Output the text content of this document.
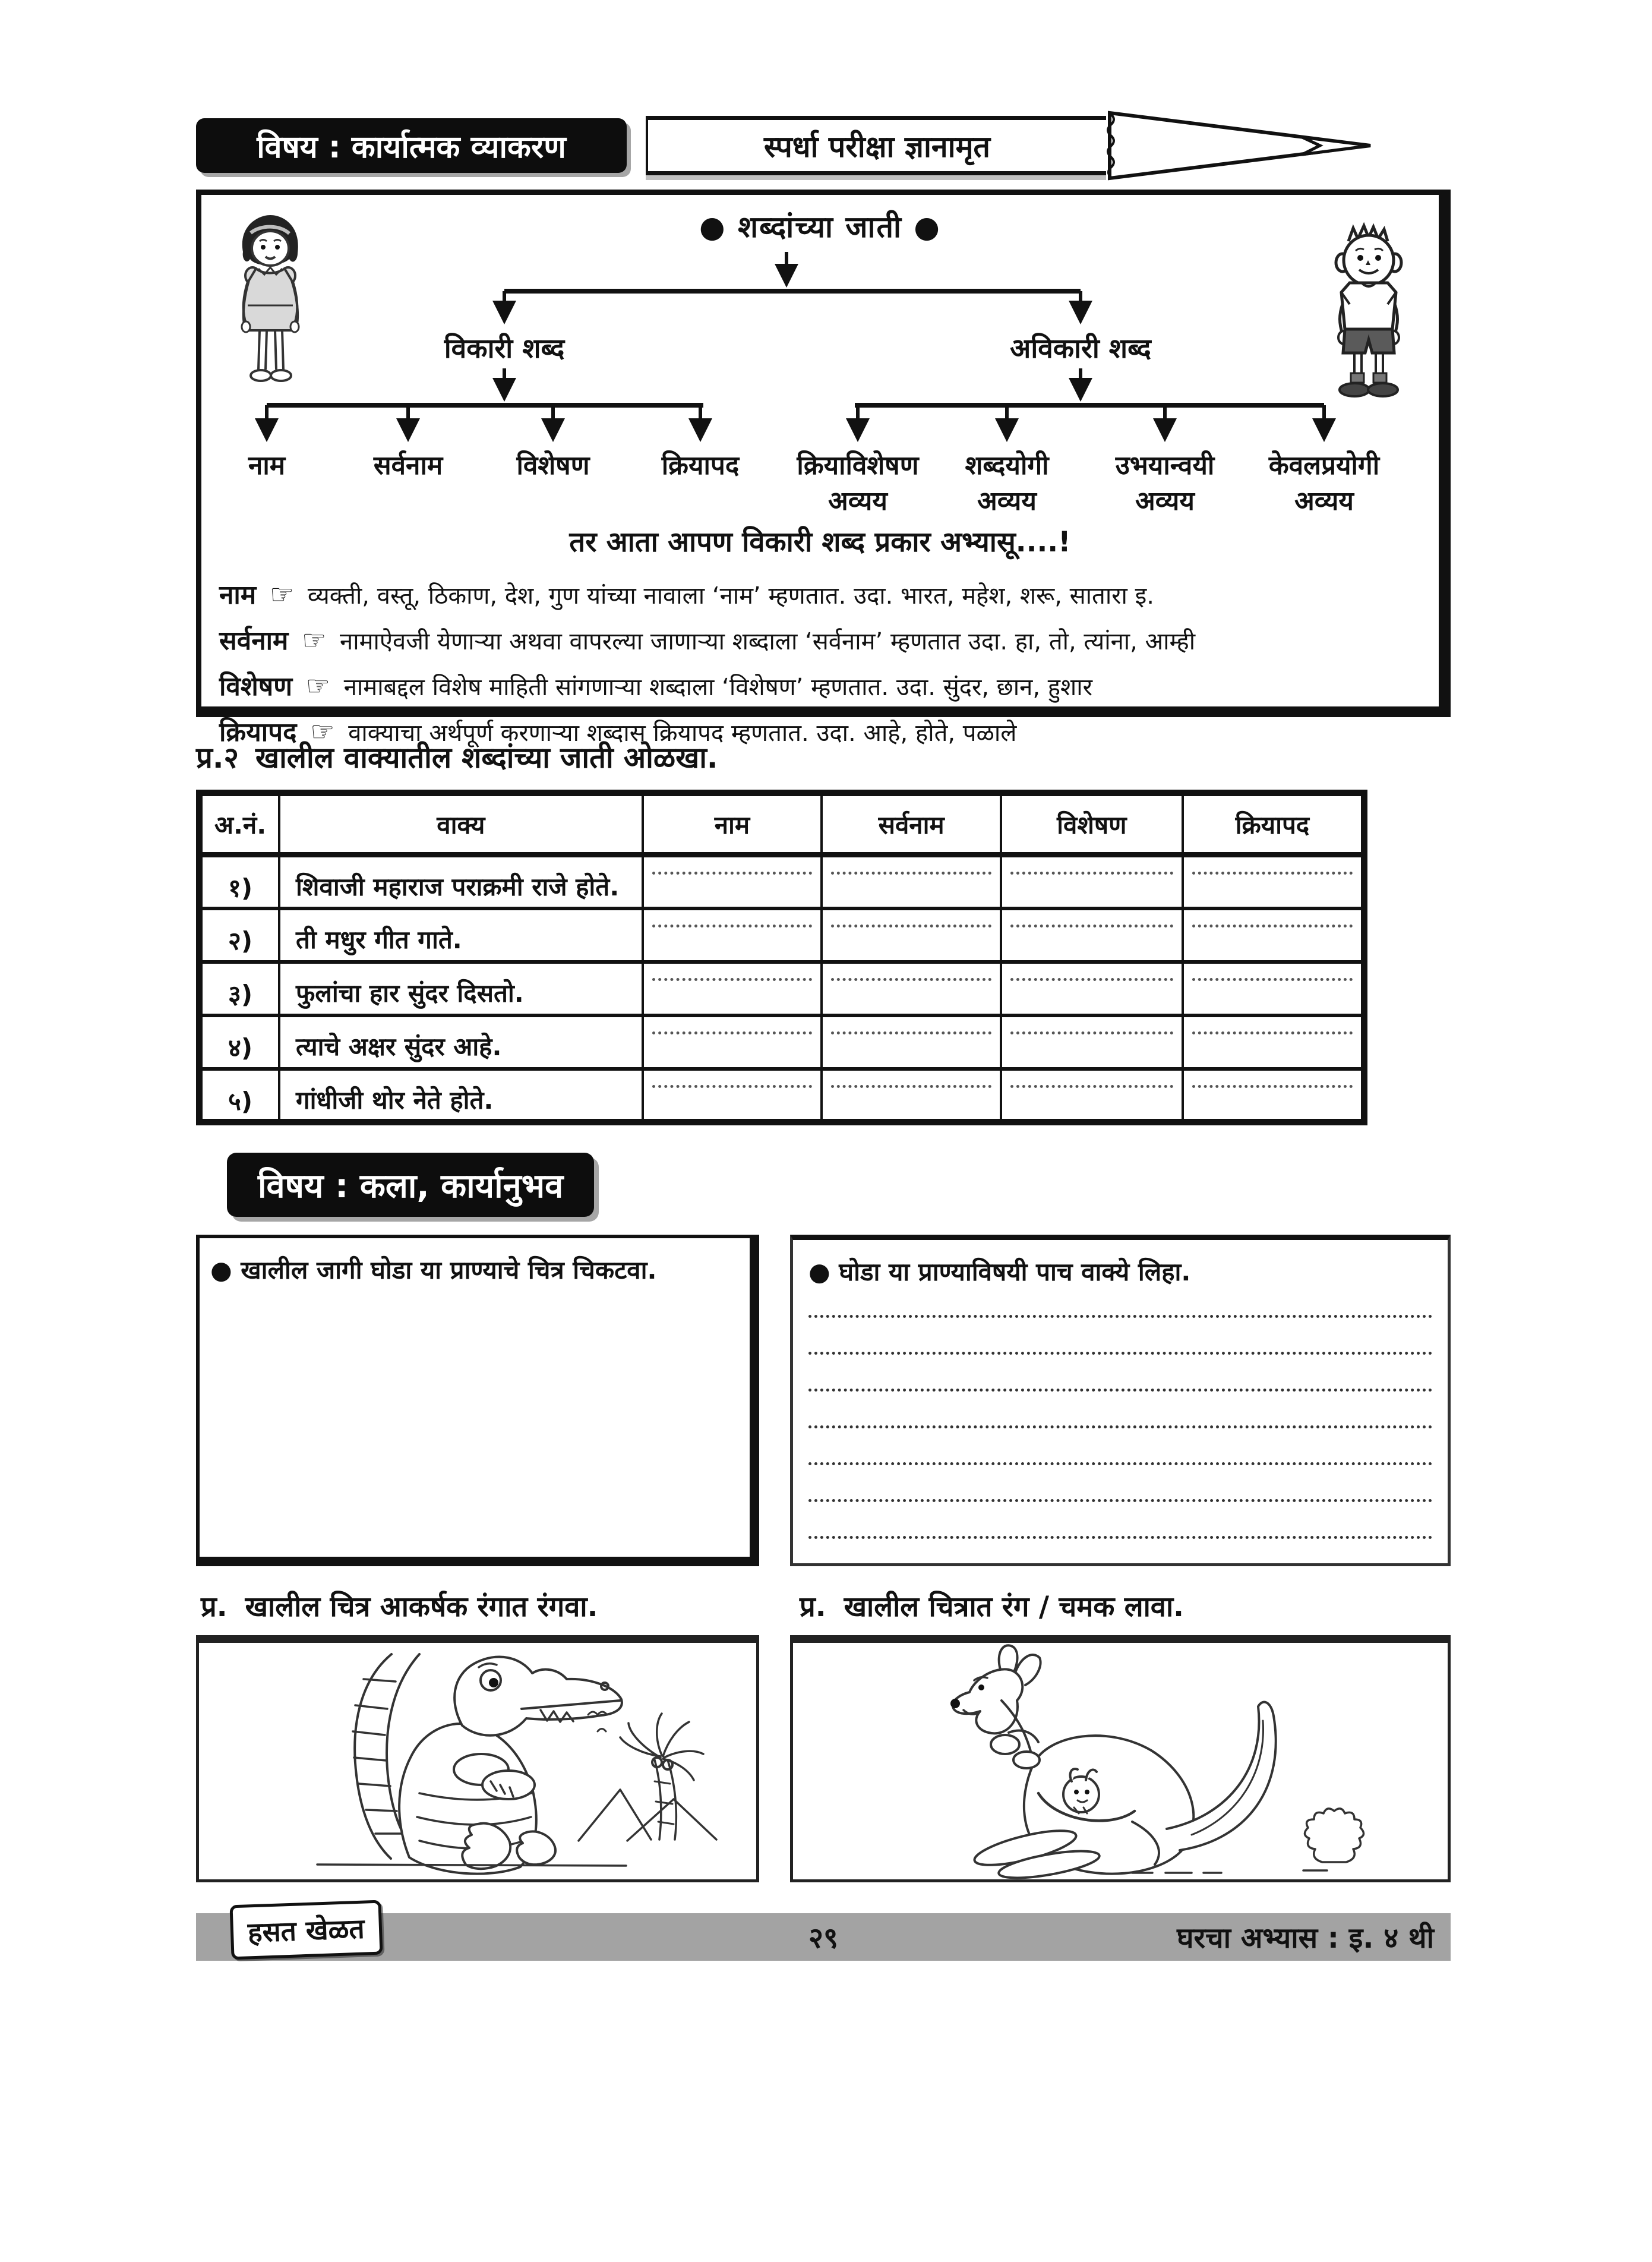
विषय : कार्यात्मक व्याकरण	स्पर्धा परीक्षा ज्ञानामृत
● शब्दांच्या जाती ●
विकारी शब्द	अविकारी शब्द
नाम	सर्वनाम	विशेषण	क्रियापद क्रियाविशेषण शब्दयोगी	उभयान्वयी केवलप्रयोगी
अव्यय	अव्यय	अव्यय	अव्यय
तर आता आपण विकारी शब्द प्रकार अभ्यासू....!
नाम ☞ व्यक्ती, वस्तू, ठिकाण, देश, गुण यांच्या नावाला ‘नाम’ म्हणतात. उदा. भारत, महेश, शरू, सातारा इ.
सर्वनाम ☞ नामाऐवजी येणाऱ्या अथवा वापरल्या जाणाऱ्या शब्दाला ‘सर्वनाम’ म्हणतात उदा. हा, तो, त्यांना, आम्ही
विशेषण ☞ नामाबद्दल विशेष माहिती सांगणाऱ्या शब्दाला ‘विशेषण’ म्हणतात. उदा. सुंदर, छान, हुशार
क्रियापद ☞ वाक्याचा अर्थपूर्ण करणाऱ्या शब्दास क्रियापद म्हणतात. उदा. आहे, होते, पळाले
प्र.२ खालील वाक्यातील शब्दांच्या जाती ओळखा.
अ.नं.	वाक्य	नाम	सर्वनाम	विशेषण	क्रियापद
१)	शिवाजी महाराज पराक्रमी राजे होते.	

२)	ती मधुर गीत गाते.	

३)	फुलांचा हार सुंदर दिसतो.	

४)	त्याचे अक्षर सुंदर आहे.	

५)	गांधीजी थोर नेते होते.	

विषय : कला, कार्यानुभव
● खालील जागी घोडा या प्राण्याचे चित्र चिकटवा.	● घोडा या प्राण्याविषयी पाच वाक्ये लिहा.
प्र. खालील चित्र आकर्षक रंगात रंगवा.	प्र. खालील चित्रात रंग / चमक लावा.
हसत खेळत	२९	घरचा अभ्यास : इ. ४ थी
